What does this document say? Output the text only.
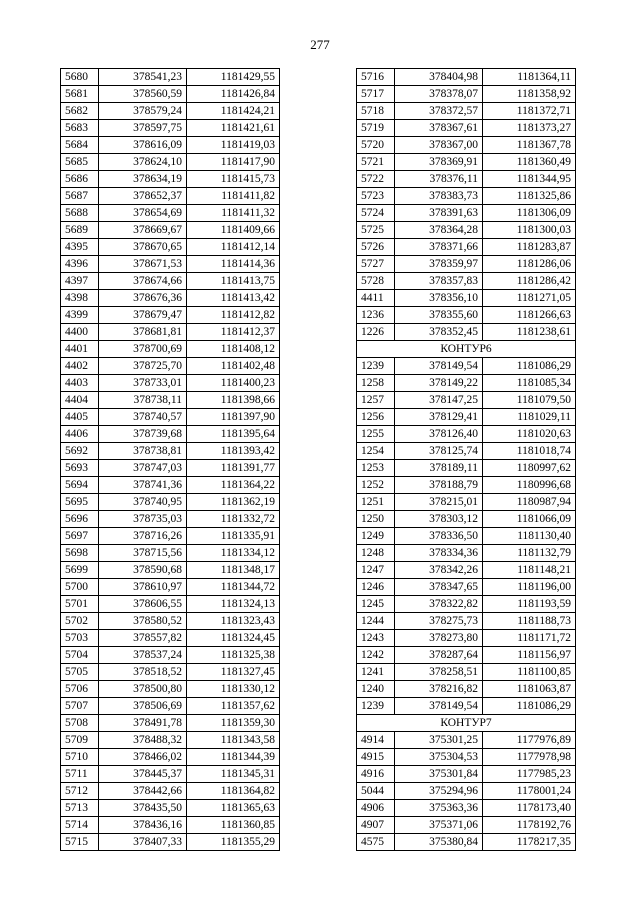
277
5680	378541,23	1181429,55
5681	378560,59	1181426,84
5682	378579,24	1181424,21
5683	378597,75	1181421,61
5684	378616,09	1181419,03
5685	378624,10	1181417,90
5686	378634,19	1181415,73
5687	378652,37	1181411,82
5688	378654,69	1181411,32
5689	378669,67	1181409,66
4395	378670,65	1181412,14
4396	378671,53	1181414,36
4397	378674,66	1181413,75
4398	378676,36	1181413,42
4399	378679,47	1181412,82
4400	378681,81	1181412,37
4401	378700,69	1181408,12
4402	378725,70	1181402,48
4403	378733,01	1181400,23
4404	378738,11	1181398,66
4405	378740,57	1181397,90
4406	378739,68	1181395,64
5692	378738,81	1181393,42
5693	378747,03	1181391,77
5694	378741,36	1181364,22
5695	378740,95	1181362,19
5696	378735,03	1181332,72
5697	378716,26	1181335,91
5698	378715,56	1181334,12
5699	378590,68	1181348,17
5700	378610,97	1181344,72
5701	378606,55	1181324,13
5702	378580,52	1181323,43
5703	378557,82	1181324,45
5704	378537,24	1181325,38
5705	378518,52	1181327,45
5706	378500,80	1181330,12
5707	378506,69	1181357,62
5708	378491,78	1181359,30
5709	378488,32	1181343,58
5710	378466,02	1181344,39
5711	378445,37	1181345,31
5712	378442,66	1181364,82
5713	378435,50	1181365,63
5714	378436,16	1181360,85
5715	378407,33	1181355,29
5716	378404,98	1181364,11
5717	378378,07	1181358,92
5718	378372,57	1181372,71
5719	378367,61	1181373,27
5720	378367,00	1181367,78
5721	378369,91	1181360,49
5722	378376,11	1181344,95
5723	378383,73	1181325,86
5724	378391,63	1181306,09
5725	378364,28	1181300,03
5726	378371,66	1181283,87
5727	378359,97	1181286,06
5728	378357,83	1181286,42
4411	378356,10	1181271,05
1236	378355,60	1181266,63
1226	378352,45	1181238,61
КОНТУР6		
1239	378149,54	1181086,29
1258	378149,22	1181085,34
1257	378147,25	1181079,50
1256	378129,41	1181029,11
1255	378126,40	1181020,63
1254	378125,74	1181018,74
1253	378189,11	1180997,62
1252	378188,79	1180996,68
1251	378215,01	1180987,94
1250	378303,12	1181066,09
1249	378336,50	1181130,40
1248	378334,36	1181132,79
1247	378342,26	1181148,21
1246	378347,65	1181196,00
1245	378322,82	1181193,59
1244	378275,73	1181188,73
1243	378273,80	1181171,72
1242	378287,64	1181156,97
1241	378258,51	1181100,85
1240	378216,82	1181063,87
1239	378149,54	1181086,29
КОНТУР7		
4914	375301,25	1177976,89
4915	375304,53	1177978,98
4916	375301,84	1177985,23
5044	375294,96	1178001,24
4906	375363,36	1178173,40
4907	375371,06	1178192,76
4575	375380,84	1178217,35
